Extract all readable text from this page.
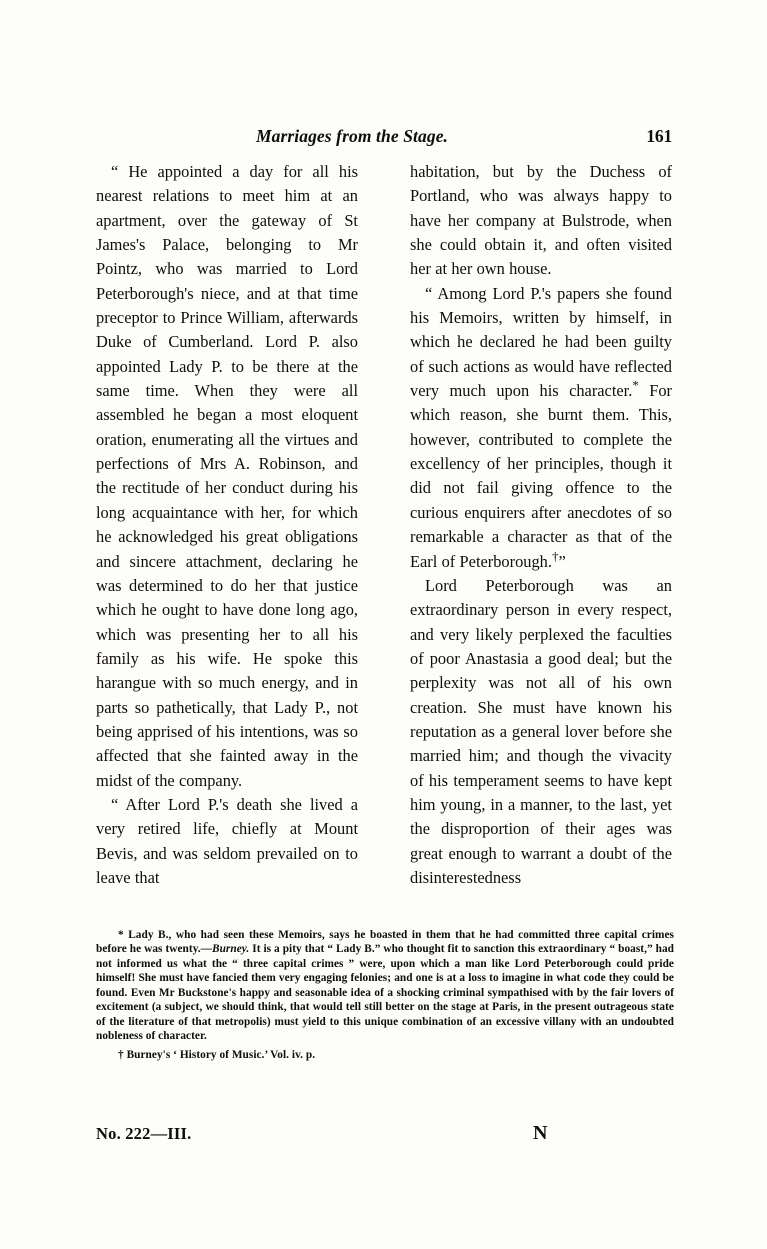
Marriages from the Stage.	161

“ He appointed a day for all his nearest relations to meet him at an apartment, over the gateway of St James's Palace, belonging to Mr Pointz, who was married to Lord Peterborough's niece, and at that time preceptor to Prince William, afterwards Duke of Cumberland. Lord P. also appointed Lady P. to be there at the same time. When they were all assembled he began a most eloquent oration, enumerating all the virtues and perfections of Mrs A. Robinson, and the rectitude of her conduct during his long acquaintance with her, for which he acknowledged his great obligations and sincere attachment, declaring he was determined to do her that justice which he ought to have done long ago, which was presenting her to all his family as his wife. He spoke this harangue with so much energy, and in parts so pathetically, that Lady P., not being apprised of his intentions, was so affected that she fainted away in the midst of the company.

“ After Lord P.'s death she lived a very retired life, chiefly at Mount Bevis, and was seldom prevailed on to leave that

habitation, but by the Duchess of Portland, who was always happy to have her company at Bulstrode, when she could obtain it, and often visited her at her own house.

“ Among Lord P.'s papers she found his Memoirs, written by himself, in which he declared he had been guilty of such actions as would have reflected very much upon his character.* For which reason, she burnt them. This, however, contributed to complete the excellency of her principles, though it did not fail giving offence to the curious enquirers after anecdotes of so remarkable a character as that of the Earl of Peterborough.†”

Lord Peterborough was an extraordinary person in every respect, and very likely perplexed the faculties of poor Anastasia a good deal; but the perplexity was not all of his own creation. She must have known his reputation as a general lover before she married him; and though the vivacity of his temperament seems to have kept him young, in a manner, to the last, yet the disproportion of their ages was great enough to warrant a doubt of the disinterestedness

* Lady B., who had seen these Memoirs, says he boasted in them that he had committed three capital crimes before he was twenty.—Burney. It is a pity that “ Lady B.” who thought fit to sanction this extraordinary “ boast,” had not informed us what the “ three capital crimes ” were, upon which a man like Lord Peterborough could pride himself! She must have fancied them very engaging felonies; and one is at a loss to imagine in what code they could be found. Even Mr Buckstone's happy and seasonable idea of a shocking criminal sympathised with by the fair lovers of excitement (a subject, we should think, that would tell still better on the stage at Paris, in the present outrageous state of the literature of that metropolis) must yield to this unique combination of an excessive villany with an undoubted nobleness of character.

† Burney's ‘ History of Music.’ Vol. iv. p.

No. 222—III.	N
